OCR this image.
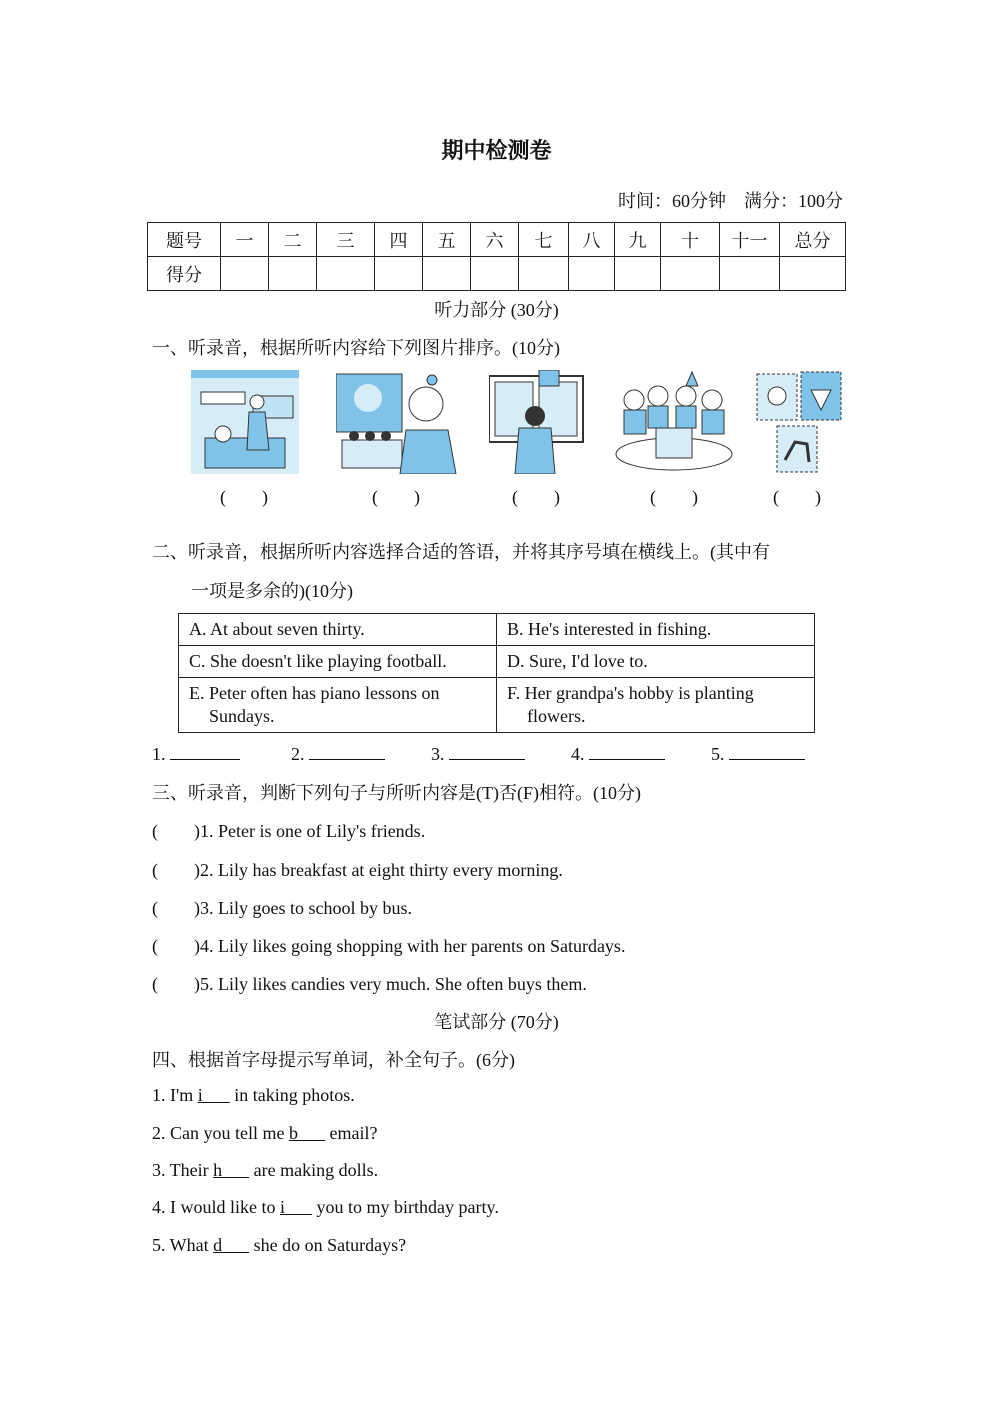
期中检测卷
时间：60分钟　满分：100分
题号	一	二	三	四	五	六	七	八	九	十	十一	总分
得分												
听力部分 (30分)
一、听录音，根据所听内容给下列图片排序。(10分)
(　　)	(　　)	(　　)	(　　)	(　　)
二、听录音，根据所听内容选择合适的答语，并将其序号填在横线上。(其中有
一项是多余的)(10分)
A. At about seven thirty.	B. He's interested in fishing.
C. She doesn't like playing football.	D. Sure, I'd love to.
E. Peter often has piano lessons on Sundays.	F. Her grandpa's hobby is planting flowers.
1.	2.	3.	4.	5.
三、听录音，判断下列句子与所听内容是(T)否(F)相符。(10分)
(　　)1. Peter is one of Lily's friends.
(　　)2. Lily has breakfast at eight thirty every morning.
(　　)3. Lily goes to school by bus.
(　　)4. Lily likes going shopping with her parents on Saturdays.
(　　)5. Lily likes candies very much. She often buys them.
笔试部分 (70分)
四、根据首字母提示写单词，补全句子。(6分)
1. I'm i       in taking photos.
2. Can you tell me b       email?
3. Their h       are making dolls.
4. I would like to i       you to my birthday party.
5. What d       she do on Saturdays?
